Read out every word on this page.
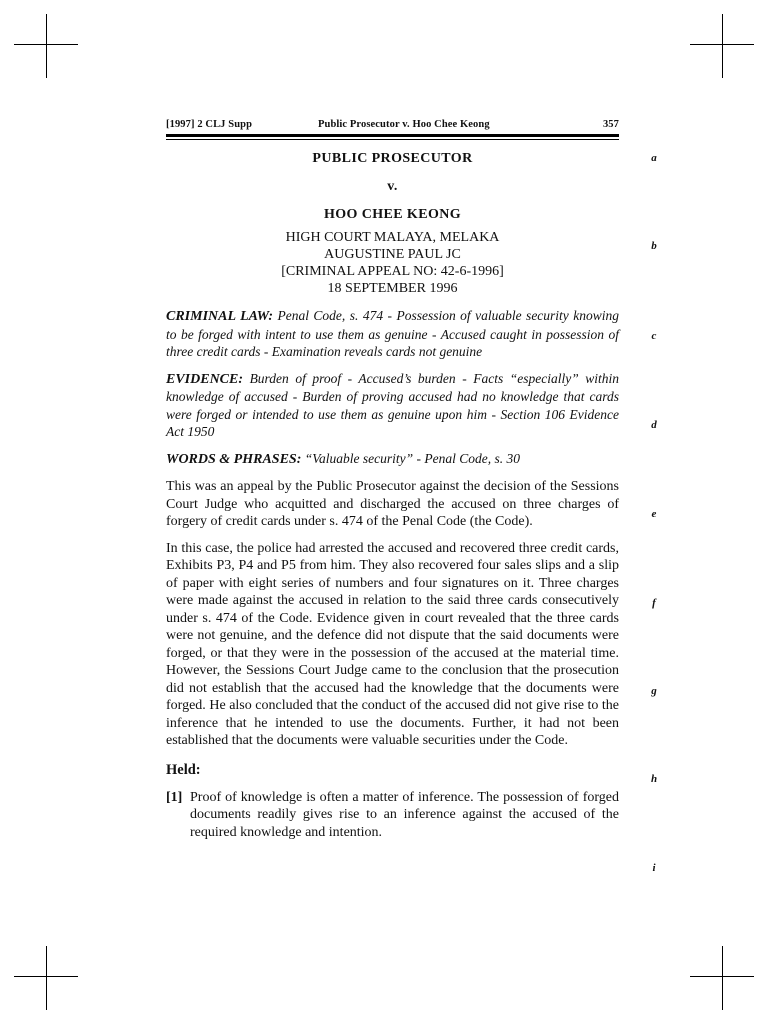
[1997] 2 CLJ Supp	Public Prosecutor v. Hoo Chee Keong	357

PUBLIC PROSECUTOR

v.

HOO CHEE KEONG

HIGH COURT MALAYA, MELAKA

AUGUSTINE PAUL JC

[CRIMINAL APPEAL NO: 42-6-1996]

18 SEPTEMBER 1996

CRIMINAL LAW: Penal Code, s. 474 - Possession of valuable security knowing to be forged with intent to use them as genuine - Accused caught in possession of three credit cards - Examination reveals cards not genuine

EVIDENCE: Burden of proof - Accused’s burden - Facts “especially” within knowledge of accused - Burden of proving accused had no knowledge that cards were forged or intended to use them as genuine upon him - Section 106 Evidence Act 1950

WORDS & PHRASES: “Valuable security” - Penal Code, s. 30

This was an appeal by the Public Prosecutor against the decision of the Sessions Court Judge who acquitted and discharged the accused on three charges of forgery of credit cards under s. 474 of the Penal Code (the Code).

In this case, the police had arrested the accused and recovered three credit cards, Exhibits P3, P4 and P5 from him. They also recovered four sales slips and a slip of paper with eight series of numbers and four signatures on it. Three charges were made against the accused in relation to the said three cards consecutively under s. 474 of the Code. Evidence given in court revealed that the three cards were not genuine, and the defence did not dispute that the said documents were forged, or that they were in the possession of the accused at the material time. However, the Sessions Court Judge came to the conclusion that the prosecution did not establish that the accused had the knowledge that the documents were forged. He also concluded that the conduct of the accused did not give rise to the inference that he intended to use the documents. Further, it had not been established that the documents were valuable securities under the Code.

Held:

[1] Proof of knowledge is often a matter of inference. The possession of forged documents readily gives rise to an inference against the accused of the required knowledge and intention.

a
b
c
d
e
f
g
h
i
